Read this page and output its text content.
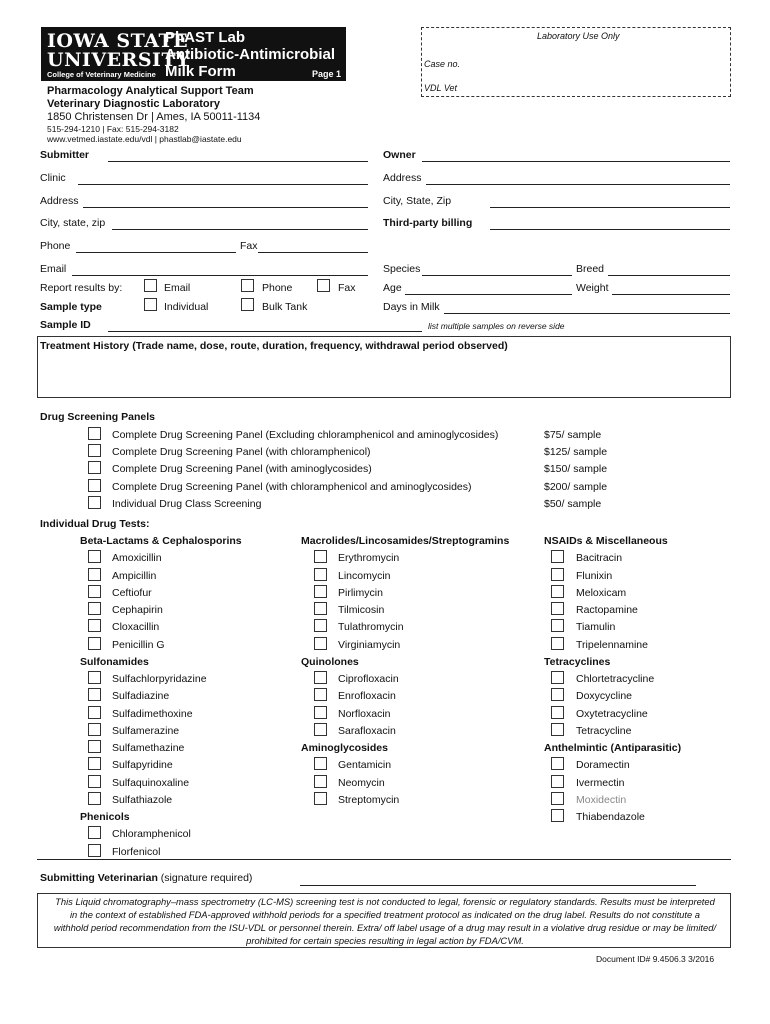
IOWA STATE
UNIVERSITY
College of Veterinary Medicine
PhAST Lab
Antibiotic-Antimicrobial
Milk Form	Page 1
Laboratory Use Only
Case no.
VDL Vet
Pharmacology Analytical Support Team
Veterinary Diagnostic Laboratory
1850 Christensen Dr | Ames, IA 50011-1134
515-294-1210 | Fax: 515-294-3182
www.vetmed.iastate.edu/vdl | phastlab@iastate.edu
Submitter
Clinic
Address
City, state, zip
Phone	Fax
Email
Report results by:	Email	Phone	Fax
Sample type	Individual	Bulk Tank
Sample ID
Owner
Address
City, State, Zip
Third-party billing
Species	Breed
Age	Weight
Days in Milk
list multiple samples on reverse side
Treatment History (Trade name, dose, route, duration, frequency, withdrawal period observed)
Drug Screening Panels
Complete Drug Screening Panel (Excluding chloramphenicol and aminoglycosides)	$75/ sample
Complete Drug Screening Panel (with chloramphenicol)	$125/ sample
Complete Drug Screening Panel (with aminoglycosides)	$150/ sample
Complete Drug Screening Panel (with chloramphenicol and aminoglycosides)	$200/ sample
Individual Drug Class Screening	$50/ sample
Individual Drug Tests:
Beta-Lactams & Cephalosporins
Amoxicillin
Ampicillin
Ceftiofur
Cephapirin
Cloxacillin
Penicillin G
Sulfonamides
Sulfachlorpyridazine
Sulfadiazine
Sulfadimethoxine
Sulfamerazine
Sulfamethazine
Sulfapyridine
Sulfaquinoxaline
Sulfathiazole
Phenicols
Chloramphenicol
Florfenicol
Macrolides/Lincosamides/Streptogramins
Erythromycin
Lincomycin
Pirlimycin
Tilmicosin
Tulathromycin
Virginiamycin
Quinolones
Ciprofloxacin
Enrofloxacin
Norfloxacin
Sarafloxacin
Aminoglycosides
Gentamicin
Neomycin
Streptomycin
NSAIDs & Miscellaneous
Bacitracin
Flunixin
Meloxicam
Ractopamine
Tiamulin
Tripelennamine
Tetracyclines
Chlortetracycline
Doxycycline
Oxytetracycline
Tetracycline
Anthelmintic (Antiparasitic)
Doramectin
Ivermectin
Moxidectin
Thiabendazole
Submitting Veterinarian (signature required)
This Liquid chromatography–mass spectrometry (LC-MS) screening test is not conducted to legal, forensic or regulatory standards. Results must be interpreted
in the context of established FDA-approved withhold periods for a specified treatment protocol as indicated on the drug label. Results do not constitute a
withhold period recommendation from the ISU-VDL or personnel therein. Extra/ off label usage of a drug may result in a violative drug residue or may be limited/
prohibited for certain species resulting in legal action by FDA/CVM.
Document ID# 9.4506.3 3/2016
